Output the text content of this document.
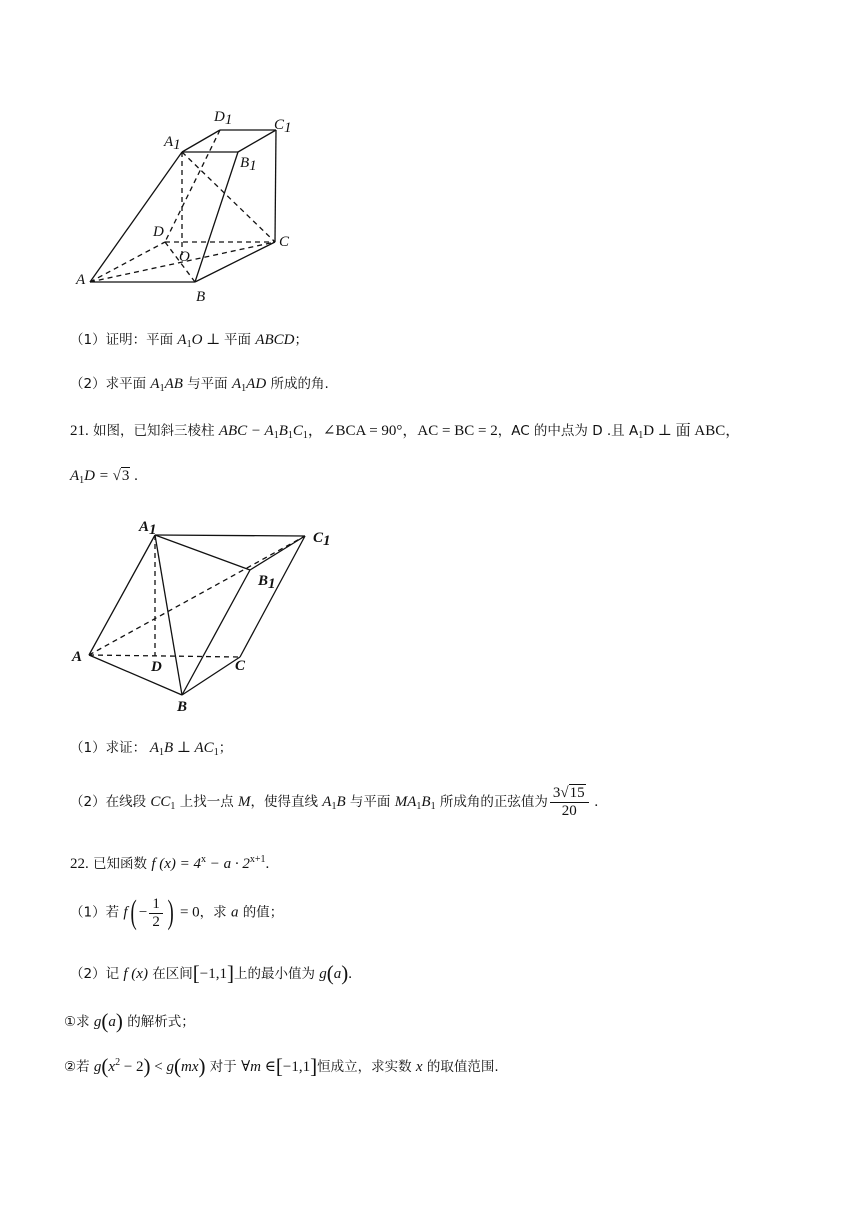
A1
D1	C1
B1
D
O
C
A
B
（1）证明：平面 $A_1O$ ⊥ 平面 ABCD；
（2）求平面 $A_1AB$ 与平面 $A_1AD$ 所成的角.
21. 如图，已知斜三棱柱 ABC − $A_1B_1C_1$，∠BCA = 90°，AC = BC = 2，AC 的中点为 D .且 $A_1D$ ⊥ 面 ABC，
$A_1D = √3$ .
A1	C1
B1
A
D	C
B
（1）求证： $A_1B$ ⊥ $AC_1$；
（2）在线段 $CC_1$ 上找一点 M，使得直线 $A_1B$ 与平面 $MA_1B_1$ 所成角的正弦值为 $\frac{3√15}{20}$ .
22. 已知函数 f $(x) = 4^x - a \cdot 2^{x+1}$.
（1）若 $f( - \frac{1}{2}$ ) = 0，求 a 的值；
（2）记 f (x) 在区间[−1,1]上的最小值为 g(a).
①求 g(a) 的解析式；
②若 $g(x^2 - 2) < g(mx)$ 对于 ∀m ∈[−1,1]恒成立，求实数 x 的取值范围.
